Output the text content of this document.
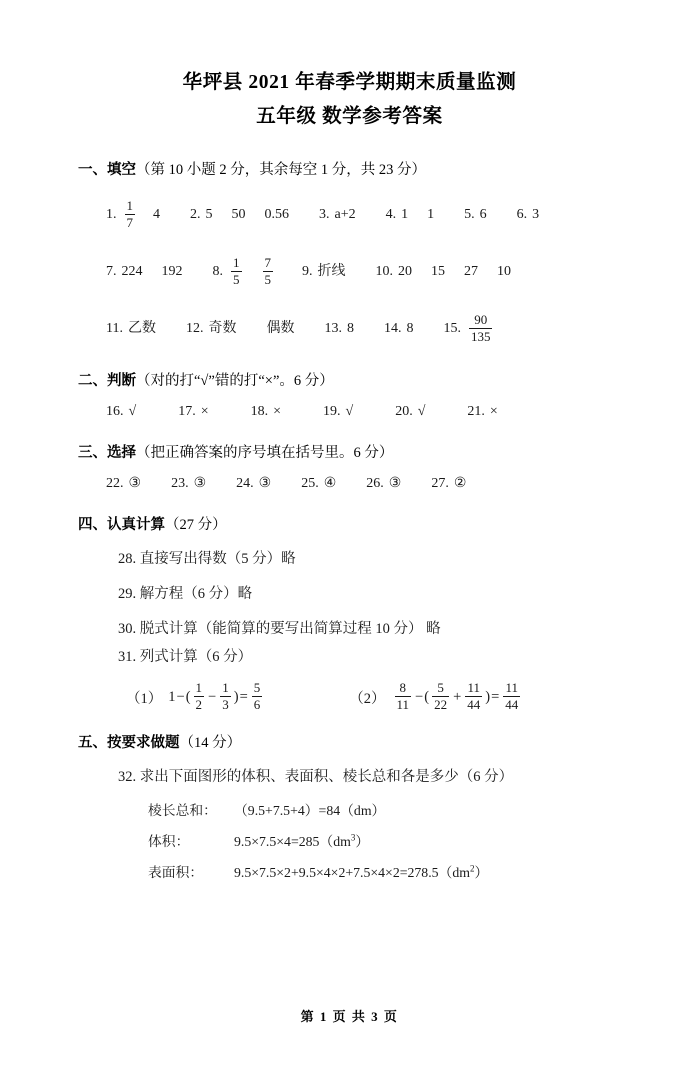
华坪县 2021 年春季学期期末质量监测
五年级 数学参考答案
一、填空（第 10 小题 2 分，其余每空 1 分，共 23 分）
1. $\frac{1}{7} 4$ 2. 5 50 0.56 3. a+2 4. 1 1 5. 6 6. 3
7. 224 192 8. $\frac{1}{5} \frac{7}{5} 9$. 折线 10. 20 15 27 10
11. 乙数 12. 奇数 偶数 13. 8 14. 8 15. $\frac{90}{135}$
二、判断（对的打“√”错的打“×”。6 分）
16. √	17. ×	18. ×	19. √	20. √	21. ×
三、选择（把正确答案的序号填在括号里。6 分）
22. ③ 23. ③ 24. ③ 25. ④ 26. ③ 27. ②
四、认真计算（27 分）
28. 直接写出得数（5 分）略
29. 解方程（6 分）略
30. 脱式计算（能简算的要写出简算过程 10 分） 略
31. 列式计算（6 分）
（1） 1 − ( $\frac{1}{2} - \frac{1}{3}$ ) = $\frac{5}{6}$	$(2) \frac{8}{11}$ − ( $\frac{5}{22} + \frac{11}{44}$ ) = $\frac{11}{44}$
五、按要求做题（14 分）
32. 求出下面图形的体积、表面积、棱长总和各是多少（6 分）
棱长总和：	（9.5+7.5+4）=84（dm）
体积：	$9.5\times 7.5\times 4=285(dm^3)$
表面积：	$9.5\times 7.5\times 2+9.5\times 4\times 2+7.5\times 4\times 2=278.5(dm^2)$
第 1 页 共 3 页
